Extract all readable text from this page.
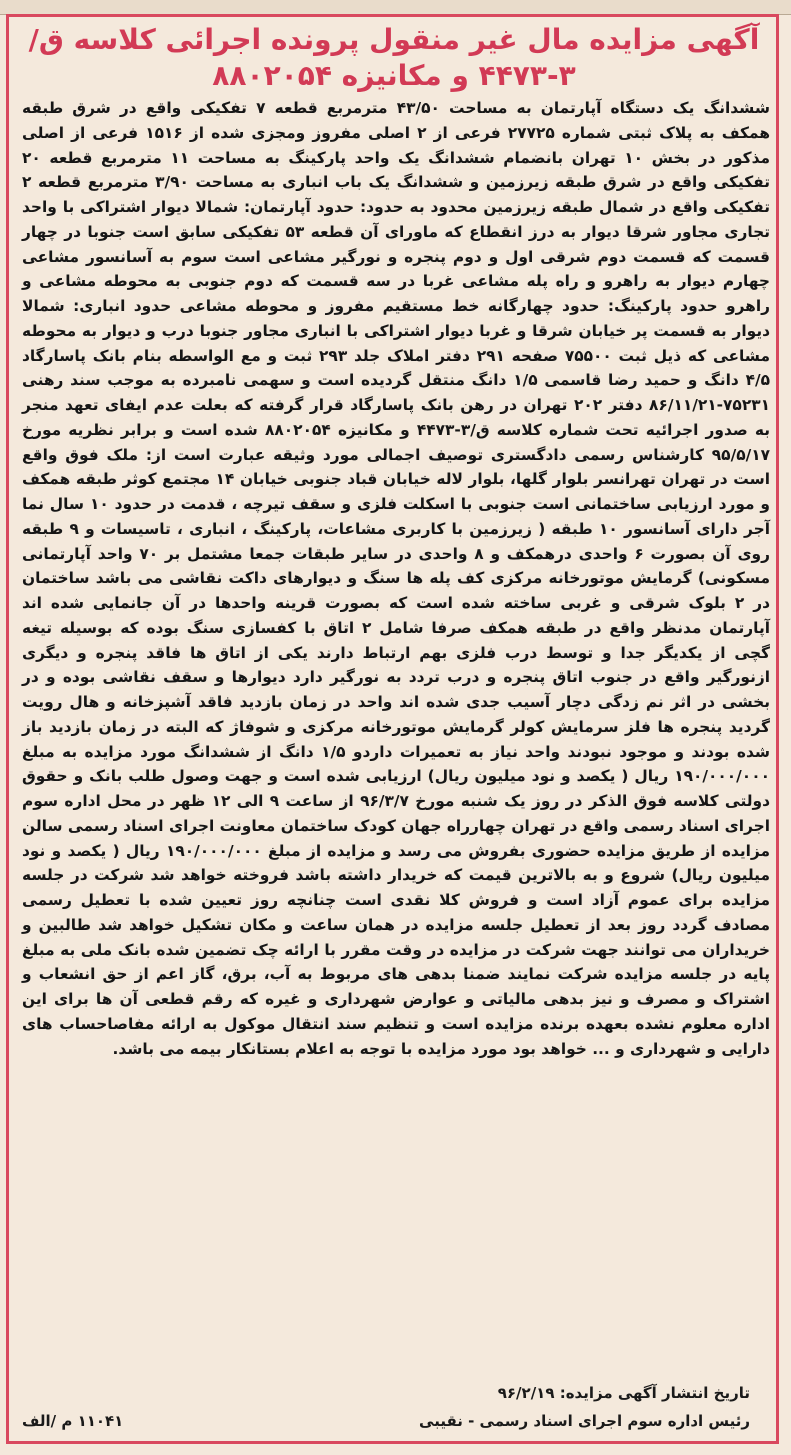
آگهی مزایده مال غیر منقول پرونده اجرائی کلاسه ق/۳-۴۴۷۳ و مکانیزه ۸۸۰۲۰۵۴
ششدانگ یک دستگاه آپارتمان به مساحت ۴۳/۵۰ مترمربع قطعه ۷ تفکیکی واقع در شرق طبقه همکف به پلاک ثبتی شماره ۲۷۷۲۵ فرعی از ۲ اصلی مفروز ومجزی شده از ۱۵۱۶ فرعی از اصلی مذکور در بخش ۱۰ تهران بانضمام ششدانگ یک واحد پارکینگ به مساحت ۱۱ مترمربع قطعه ۲۰ تفکیکی واقع در شرق طبقه زیرزمین و ششدانگ یک باب انباری به مساحت ۳/۹۰ مترمربع قطعه ۲ تفکیکی واقع در شمال طبقه زیرزمین محدود به حدود: حدود آپارتمان: شمالا دیوار اشتراکی با واحد تجاری مجاور شرقا دیوار به درز انقطاع که ماورای آن قطعه ۵۳ تفکیکی سابق است جنوبا در چهار قسمت که قسمت دوم شرقی اول و دوم پنجره و نورگیر مشاعی است سوم به آسانسور مشاعی چهارم دیوار به راهرو و راه پله مشاعی غربا در سه قسمت که دوم جنوبی به محوطه مشاعی و راهرو حدود پارکینگ: حدود چهارگانه خط مستقیم مفروز و محوطه مشاعی حدود انباری: شمالا دیوار به قسمت پر خیابان شرقا و غربا دیوار اشتراکی با انباری مجاور جنوبا درب و دیوار به محوطه مشاعی که ذیل ثبت ۷۵۵۰۰ صفحه ۲۹۱ دفتر املاک جلد ۲۹۳ ثبت و مع الواسطه بنام بانک پاسارگاد ۴/۵ دانگ و حمید رضا قاسمی ۱/۵ دانگ منتقل گردیده است و سهمی نامبرده به موجب سند رهنی ۷۵۲۳۱-۸۶/۱۱/۲۱ دفتر ۲۰۲ تهران در رهن بانک پاسارگاد قرار گرفته که بعلت عدم ایفای تعهد منجر به صدور اجرائیه تحت شماره کلاسه ق/۳-۴۴۷۳ و مکانیزه ۸۸۰۲۰۵۴ شده است و برابر نظریه مورخ ۹۵/۵/۱۷ کارشناس رسمی دادگستری توصیف اجمالی مورد وثیقه عبارت است از: ملک فوق واقع است در تهران تهرانسر بلوار گلها، بلوار لاله خیابان قباد جنوبی خیابان ۱۴ مجتمع کوثر طبقه همکف و مورد ارزیابی ساختمانی است جنوبی با اسکلت فلزی و سقف تیرچه ، قدمت در حدود ۱۰ سال نما آجر دارای آسانسور ۱۰ طبقه ( زیرزمین با کاربری مشاعات، پارکینگ ، انباری ، تاسیسات و ۹ طبقه روی آن بصورت ۶ واحدی درهمکف و ۸ واحدی در سایر طبقات جمعا مشتمل بر ۷۰ واحد آپارتمانی مسکونی) گرمایش موتورخانه مرکزی کف پله ها سنگ و دیوارهای داکت نقاشی می باشد ساختمان در ۲ بلوک شرقی و غربی ساخته شده است که بصورت قرینه واحدها در آن جانمایی شده اند آپارتمان مدنظر واقع در طبقه همکف صرفا شامل ۲ اتاق با کفسازی سنگ بوده که بوسیله تیغه گچی از یکدیگر جدا و توسط درب فلزی بهم ارتباط دارند یکی از اتاق ها فاقد پنجره و دیگری ازنورگیر واقع در جنوب اتاق پنجره و درب تردد به نورگیر دارد دیوارها و سقف نقاشی بوده و در بخشی در اثر نم زدگی دچار آسیب جدی شده اند واحد در زمان بازدید فاقد آشپزخانه و هال رویت گردید پنجره ها فلز سرمایش کولر گرمایش موتورخانه مرکزی و شوفاژ که البته در زمان بازدید باز شده بودند و موجود نبودند واحد نیاز به تعمیرات داردو ۱/۵ دانگ از ششدانگ مورد مزایده به مبلغ ۱۹۰/۰۰۰/۰۰۰ ریال ( یکصد و نود میلیون ریال) ارزیابی شده است و جهت وصول طلب بانک و حقوق دولتی کلاسه فوق الذکر در روز یک شنبه مورخ ۹۶/۳/۷ از ساعت ۹ الی ۱۲ ظهر در محل اداره سوم اجرای اسناد رسمی واقع در تهران چهارراه جهان کودک ساختمان معاونت اجرای اسناد رسمی سالن مزایده از طریق مزایده حضوری بفروش می رسد و مزایده از مبلغ ۱۹۰/۰۰۰/۰۰۰ ریال ( یکصد و نود میلیون ریال) شروع و به بالاترین قیمت که خریدار داشته باشد فروخته خواهد شد شرکت در جلسه مزایده برای عموم آزاد است و فروش کلا نقدی است چنانچه روز تعیین شده با تعطیل رسمی مصادف گردد روز بعد از تعطیل جلسه مزایده در همان ساعت و مکان تشکیل خواهد شد طالبین و خریداران می توانند جهت شرکت در مزایده در وقت مقرر با ارائه چک تضمین شده بانک ملی به مبلغ پایه در جلسه مزایده شرکت نمایند ضمنا بدهی های مربوط به آب، برق، گاز اعم از حق انشعاب و اشتراک و مصرف و نیز بدهی مالیاتی و عوارض شهرداری و غیره که رقم قطعی آن ها برای این اداره معلوم نشده بعهده برنده مزایده است و تنظیم سند انتقال موکول به ارائه مفاصاحساب های دارایی و شهرداری و ... خواهد بود مورد مزایده با توجه به اعلام بستانکار بیمه می باشد.
تاریخ انتشار آگهی مزایده: ۹۶/۲/۱۹
رئیس اداره سوم اجرای اسناد رسمی - نقیبی
۱۱۰۴۱ م /الف
